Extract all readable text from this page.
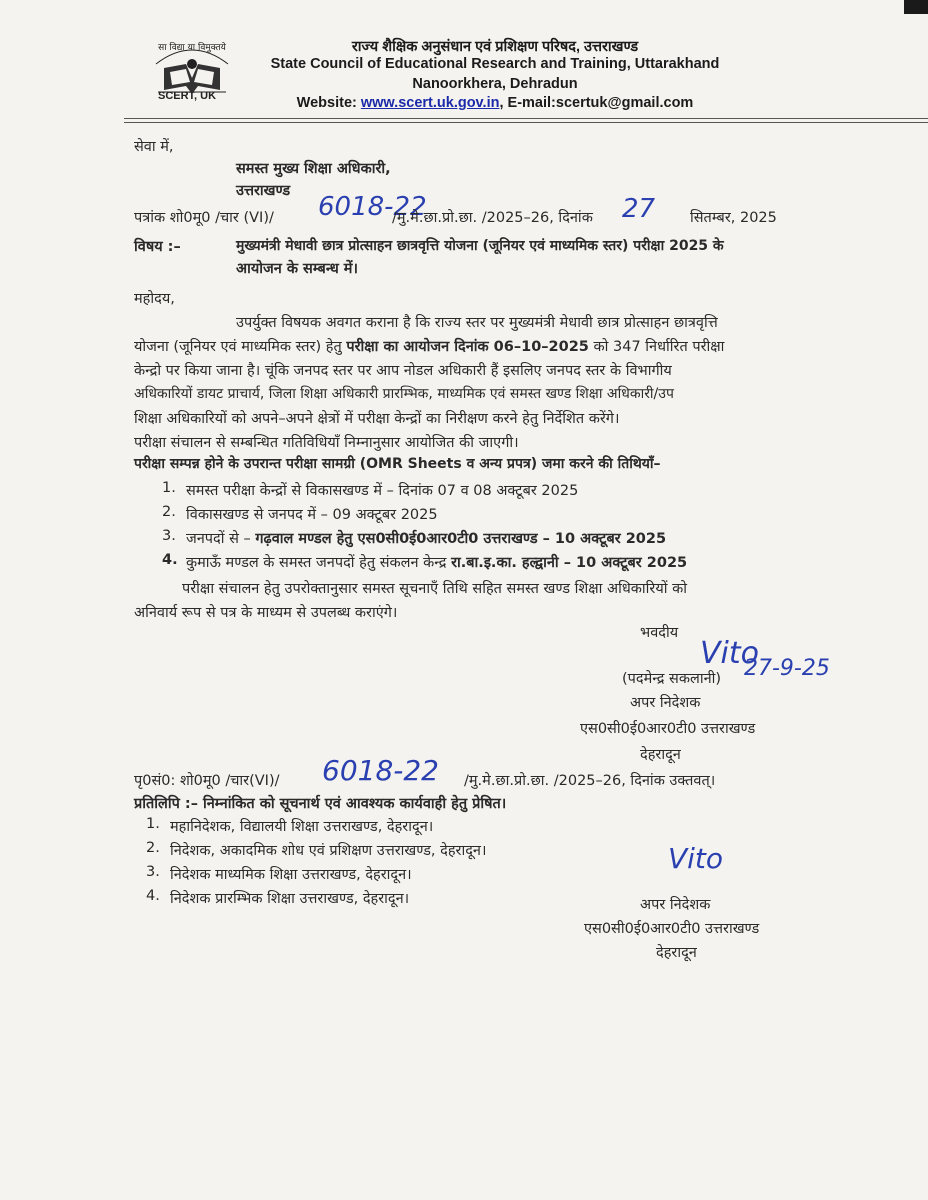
सा विद्या या विमुक्तये
SCERT, UK
राज्य शैक्षिक अनुसंधान एवं प्रशिक्षण परिषद, उत्तराखण्ड
State Council of Educational Research and Training, Uttarakhand
Nanoorkhera, Dehradun
Website: www.scert.uk.gov.in, E-mail:scertuk@gmail.com
सेवा में,
समस्त मुख्य शिक्षा अधिकारी,
उत्तराखण्ड
पत्रांक शो0मू0 /चार (VI)/ 6018-22
/मु.मे.छा.प्रो.छा. /2025–26, दिनांक 27 सितम्बर, 2025
विषय :–	मुख्यमंत्री मेधावी छात्र प्रोत्साहन छात्रवृत्ति योजना (जूनियर एवं माध्यमिक स्तर) परीक्षा 2025 के
आयोजन के सम्बन्ध में।
महोदय,
उपर्युक्त विषयक अवगत कराना है कि राज्य स्तर पर मुख्यमंत्री मेधावी छात्र प्रोत्साहन छात्रवृत्ति
योजना (जूनियर एवं माध्यमिक स्तर) हेतु परीक्षा का आयोजन दिनांक 06–10–2025 को 347 निर्धारित परीक्षा
केन्द्रो पर किया जाना है। चूंकि जनपद स्तर पर आप नोडल अधिकारी हैं इसलिए जनपद स्तर के विभागीय
अधिकारियों डायट प्राचार्य, जिला शिक्षा अधिकारी प्रारम्भिक, माध्यमिक एवं समस्त खण्ड शिक्षा अधिकारी/उप
शिक्षा अधिकारियों को अपने–अपने क्षेत्रों में परीक्षा केन्द्रों का निरीक्षण करने हेतु निर्देशित करेंगे।
परीक्षा संचालन से सम्बन्धित गतिविधियाँ निम्नानुसार आयोजित की जाएगी।
परीक्षा सम्पन्न होने के उपरान्त परीक्षा सामग्री (OMR Sheets व अन्य प्रपत्र) जमा करने की तिथियाँ–
1. समस्त परीक्षा केन्द्रों से विकासखण्ड में – दिनांक 07 व 08 अक्टूबर 2025
2. विकासखण्ड से जनपद में – 09 अक्टूबर 2025
3. जनपदों से – गढ़वाल मण्डल हेतु एस0सी0ई0आर0टी0 उत्तराखण्ड – 10 अक्टूबर 2025
4. कुमाऊँ मण्डल के समस्त जनपदों हेतु संकलन केन्द्र रा.बा.इ.का. हल्द्वानी – 10 अक्टूबर 2025
परीक्षा संचालन हेतु उपरोक्तानुसार समस्त सूचनाएँ तिथि सहित समस्त खण्ड शिक्षा अधिकारियों को
अनिवार्य रूप से पत्र के माध्यम से उपलब्ध कराएंगे।
भवदीय
Vito
27-9-25
(पदमेन्द्र सकलानी)
अपर निदेशक
एस0सी0ई0आर0टी0 उत्तराखण्ड
देहरादून
पृ0सं0: शो0मू0 /चार(VI)/ 6018-22 /मु.मे.छा.प्रो.छा. /2025–26, दिनांक उक्तवत्।
प्रतिलिपि :– निम्नांकित को सूचनार्थ एवं आवश्यक कार्यवाही हेतु प्रेषित।
1. महानिदेशक, विद्यालयी शिक्षा उत्तराखण्ड, देहरादून।
2. निदेशक, अकादमिक शोध एवं प्रशिक्षण उत्तराखण्ड, देहरादून।
3. निदेशक माध्यमिक शिक्षा उत्तराखण्ड, देहरादून।
4. निदेशक प्रारम्भिक शिक्षा उत्तराखण्ड, देहरादून।
Vito
अपर निदेशक
एस0सी0ई0आर0टी0 उत्तराखण्ड
देहरादून
